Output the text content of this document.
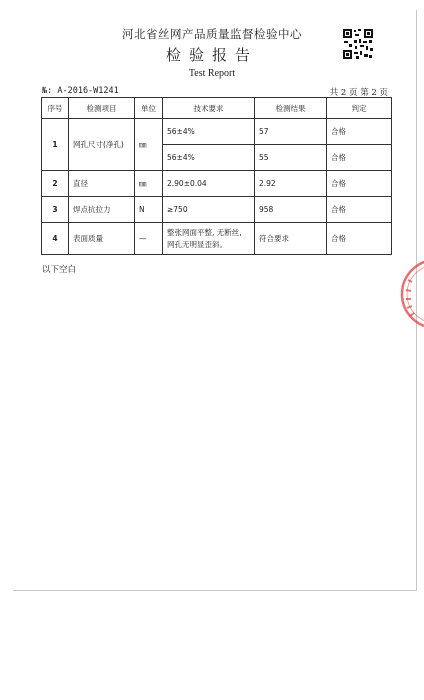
河北省丝网产品质量监督检验中心
检验报告
Test Report
№: A-2016-W1241	共 2 页 第 2 页
序号	检测项目	单位	技术要求	检测结果	判定
1	网孔尺寸(净孔)	㎜	56±4%	57	合格
			56±4%	55	合格
2	直径	㎜	2.90±0.04	2.92	合格
3	焊点抗拉力	N	≥750	958	合格
4	表面质量	—	整张网面平整, 无断丝, 网孔无明显歪斜。	符合要求	合格
以下空白
